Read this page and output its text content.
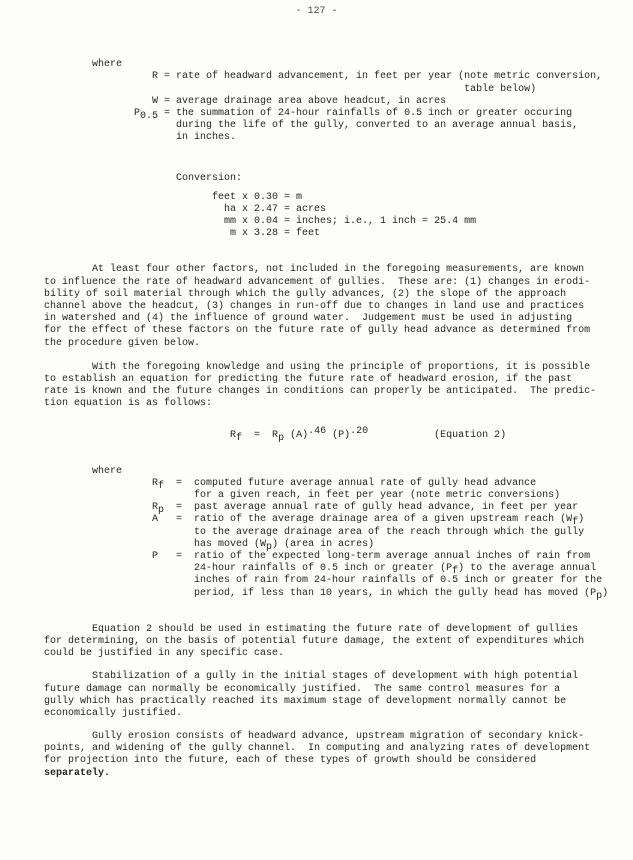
- 127 -
where
R = rate of headward advancement, in feet per year (note metric conversion,
table below)
W = average drainage area above headcut, in acres
P0.5 = the summation of 24-hour rainfalls of 0.5 inch or greater occuring
during the life of the gully, converted to an average annual basis,
in inches.
Conversion:
feet x 0.30 = m
ha x 2.47 = acres
mm x 0.04 = inches; i.e., 1 inch = 25.4 mm
m x 3.28 = feet
At least four other factors, not included in the foregoing measurements, are known
to influence the rate of headward advancement of gullies.  These are: (1) changes in erodi-
bility of soil material through which the gully advances, (2) the slope of the approach
channel above the headcut, (3) changes in run-off due to changes in land use and practices
in watershed and (4) the influence of ground water.  Judgement must be used in adjusting
for the effect of these factors on the future rate of gully head advance as determined from
the procedure given below.
With the foregoing knowledge and using the principle of proportions, it is possible
to establish an equation for predicting the future rate of headward erosion, if the past
rate is known and the future changes in conditions can properly be anticipated.  The predic-
tion equation is as follows:
Rf  =  Rp (A).46 (P).20           (Equation 2)
where
Rf  =  computed future average annual rate of gully head advance
for a given reach, in feet per year (note metric conversions)
Rp  =  past average annual rate of gully head advance, in feet per year
A   =  ratio of the average drainage area of a given upstream reach (Wf)
to the average drainage area of the reach through which the gully
has moved (Wp) (area in acres)
P   =  ratio of the expected long-term average annual inches of rain from
24-hour rainfalls of 0.5 inch or greater (Pf) to the average annual
inches of rain from 24-hour rainfalls of 0.5 inch or greater for the
period, if less than 10 years, in which the gully head has moved (Pp)
Equation 2 should be used in estimating the future rate of development of gullies
for determining, on the basis of potential future damage, the extent of expenditures which
could be justified in any specific case.
Stabilization of a gully in the initial stages of development with high potential
future damage can normally be economically justified.  The same control measures for a
gully which has practically reached its maximum stage of development normally cannot be
economically justified.
Gully erosion consists of headward advance, upstream migration of secondary knick-
points, and widening of the gully channel.  In computing and analyzing rates of development
for projection into the future, each of these types of growth should be considered
separately.
